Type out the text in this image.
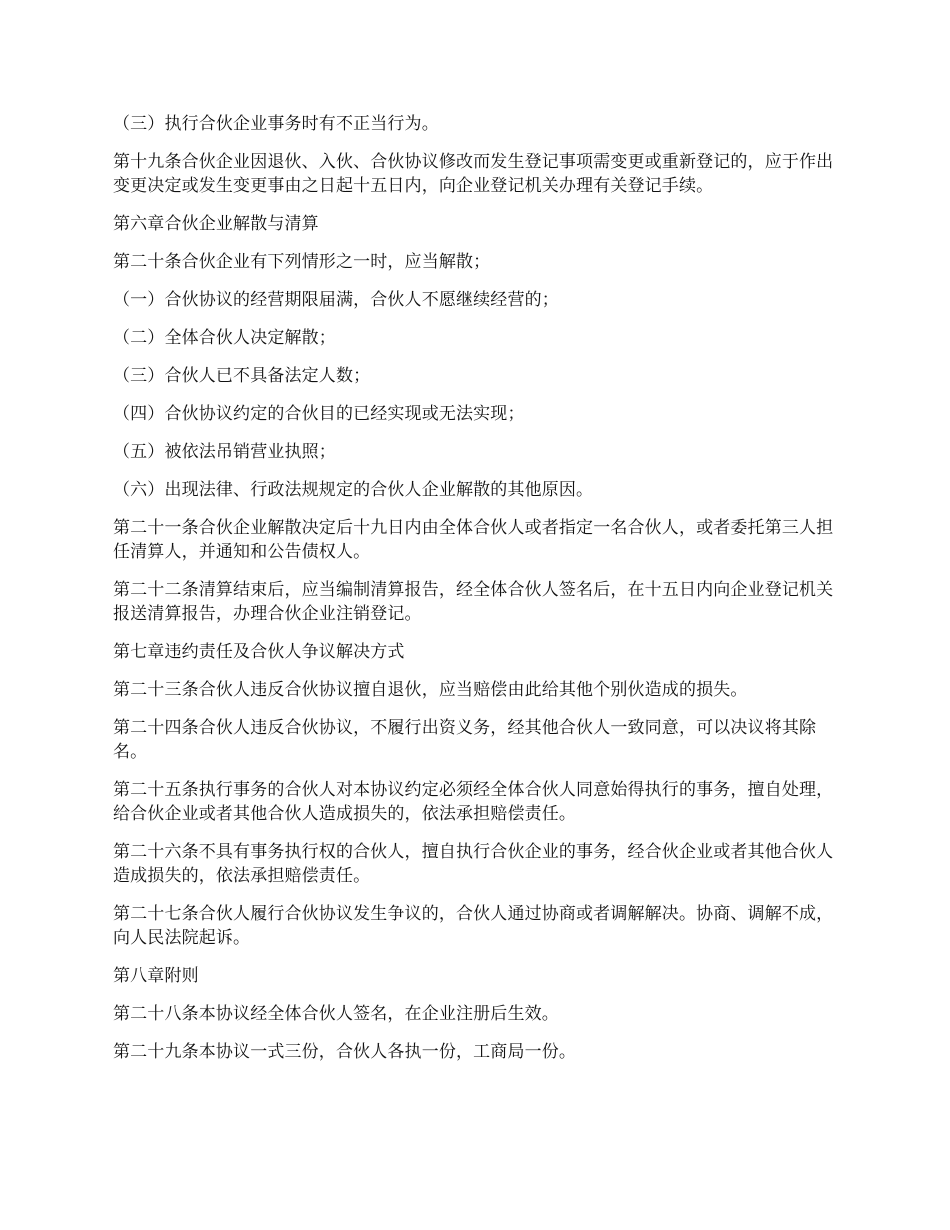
（三）执行合伙企业事务时有不正当行为。

第十九条合伙企业因退伙、入伙、合伙协议修改而发生登记事项需变更或重新登记的，应于作出变更决定或发生变更事由之日起十五日内，向企业登记机关办理有关登记手续。

第六章合伙企业解散与清算

第二十条合伙企业有下列情形之一时，应当解散；

（一）合伙协议的经营期限届满，合伙人不愿继续经营的；

（二）全体合伙人决定解散；

（三）合伙人已不具备法定人数；

（四）合伙协议约定的合伙目的已经实现或无法实现；

（五）被依法吊销营业执照；

（六）出现法律、行政法规规定的合伙人企业解散的其他原因。

第二十一条合伙企业解散决定后十九日内由全体合伙人或者指定一名合伙人，或者委托第三人担任清算人，并通知和公告债权人。

第二十二条清算结束后，应当编制清算报告，经全体合伙人签名后，在十五日内向企业登记机关报送清算报告，办理合伙企业注销登记。

第七章违约责任及合伙人争议解决方式

第二十三条合伙人违反合伙协议擅自退伙，应当赔偿由此给其他个别伙造成的损失。

第二十四条合伙人违反合伙协议，不履行出资义务，经其他合伙人一致同意，可以决议将其除名。

第二十五条执行事务的合伙人对本协议约定必须经全体合伙人同意始得执行的事务，擅自处理，给合伙企业或者其他合伙人造成损失的，依法承担赔偿责任。

第二十六条不具有事务执行权的合伙人，擅自执行合伙企业的事务，经合伙企业或者其他合伙人造成损失的，依法承担赔偿责任。

第二十七条合伙人履行合伙协议发生争议的，合伙人通过协商或者调解解决。协商、调解不成，向人民法院起诉。

第八章附则

第二十八条本协议经全体合伙人签名，在企业注册后生效。

第二十九条本协议一式三份，合伙人各执一份，工商局一份。
